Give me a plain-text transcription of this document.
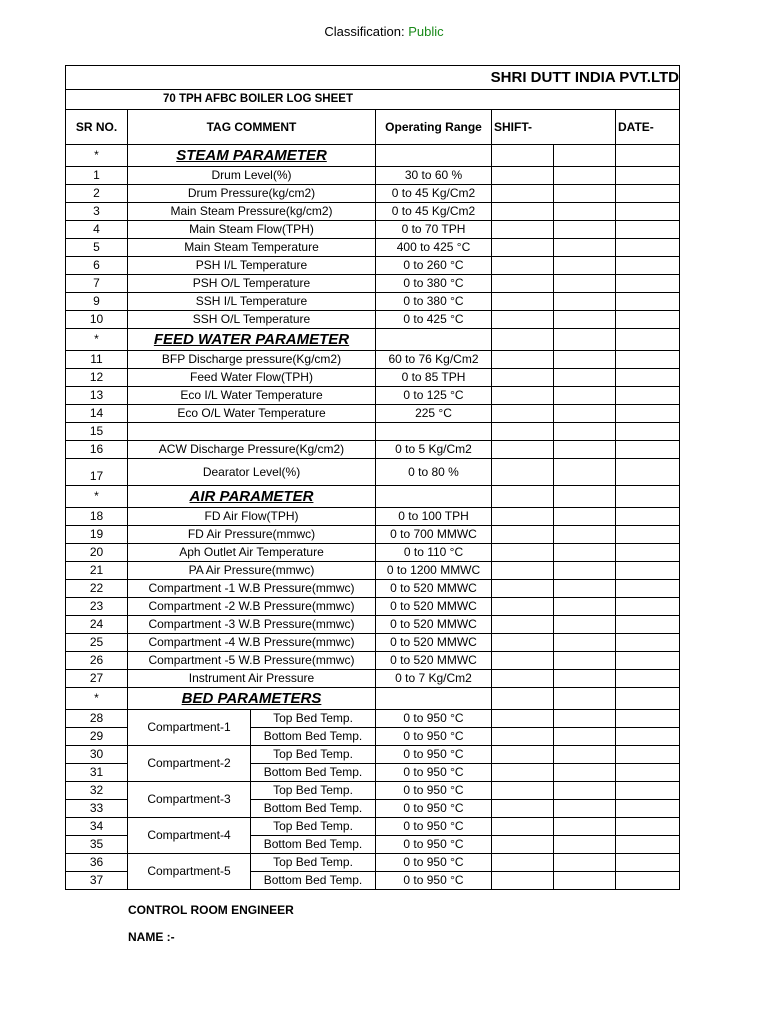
Classification: Public
SHRI DUTT INDIA PVT.LTD						
70 TPH AFBC BOILER LOG SHEET						
SR NO.	TAG COMMENT		Operating Range	SHIFT-		DATE-
*	STEAM PARAMETER					
1	Drum Level(%)		30 to 60 %			
2	Drum Pressure(kg/cm2)		0 to 45 Kg/Cm2			
3	Main Steam Pressure(kg/cm2)		0 to 45 Kg/Cm2			
4	Main Steam Flow(TPH)		0 to 70 TPH			
5	Main Steam Temperature		400 to 425 °C			
6	PSH I/L Temperature		0 to 260 °C			
7	PSH O/L Temperature		0 to 380 °C			
9	SSH I/L Temperature		0 to 380 °C			
10	SSH O/L Temperature		0 to 425 °C			
*	FEED WATER PARAMETER					
11	BFP Discharge pressure(Kg/cm2)		60 to 76 Kg/Cm2			
12	Feed Water Flow(TPH)		0 to 85 TPH			
13	Eco I/L Water Temperature		0 to 125 °C			
14	Eco O/L Water Temperature		225 °C			
15						
16	ACW Discharge Pressure(Kg/cm2)		0 to 5 Kg/Cm2			
17	Dearator Level(%)		0 to 80 %			
*	AIR PARAMETER					
18	FD Air Flow(TPH)		0 to 100 TPH			
19	FD Air Pressure(mmwc)		0 to 700 MMWC			
20	Aph Outlet Air Temperature		0 to 110 °C			
21	PA Air Pressure(mmwc)		0 to 1200 MMWC			
22	Compartment -1 W.B Pressure(mmwc)		0 to 520 MMWC			
23	Compartment -2 W.B Pressure(mmwc)		0 to 520 MMWC			
24	Compartment -3 W.B Pressure(mmwc)		0 to 520 MMWC			
25	Compartment -4 W.B Pressure(mmwc)		0 to 520 MMWC			
26	Compartment -5 W.B Pressure(mmwc)		0 to 520 MMWC			
27	Instrument Air Pressure		0 to 7 Kg/Cm2			
*	BED PARAMETERS					
28	Compartment-1	Top Bed Temp.	0 to 950 °C			
29		Bottom Bed Temp.	0 to 950 °C			
30	Compartment-2	Top Bed Temp.	0 to 950 °C			
31		Bottom Bed Temp.	0 to 950 °C			
32	Compartment-3	Top Bed Temp.	0 to 950 °C			
33		Bottom Bed Temp.	0 to 950 °C			
34	Compartment-4	Top Bed Temp.	0 to 950 °C			
35		Bottom Bed Temp.	0 to 950 °C			
36	Compartment-5	Top Bed Temp.	0 to 950 °C			
37		Bottom Bed Temp.	0 to 950 °C			
CONTROL ROOM ENGINEER
NAME :-
